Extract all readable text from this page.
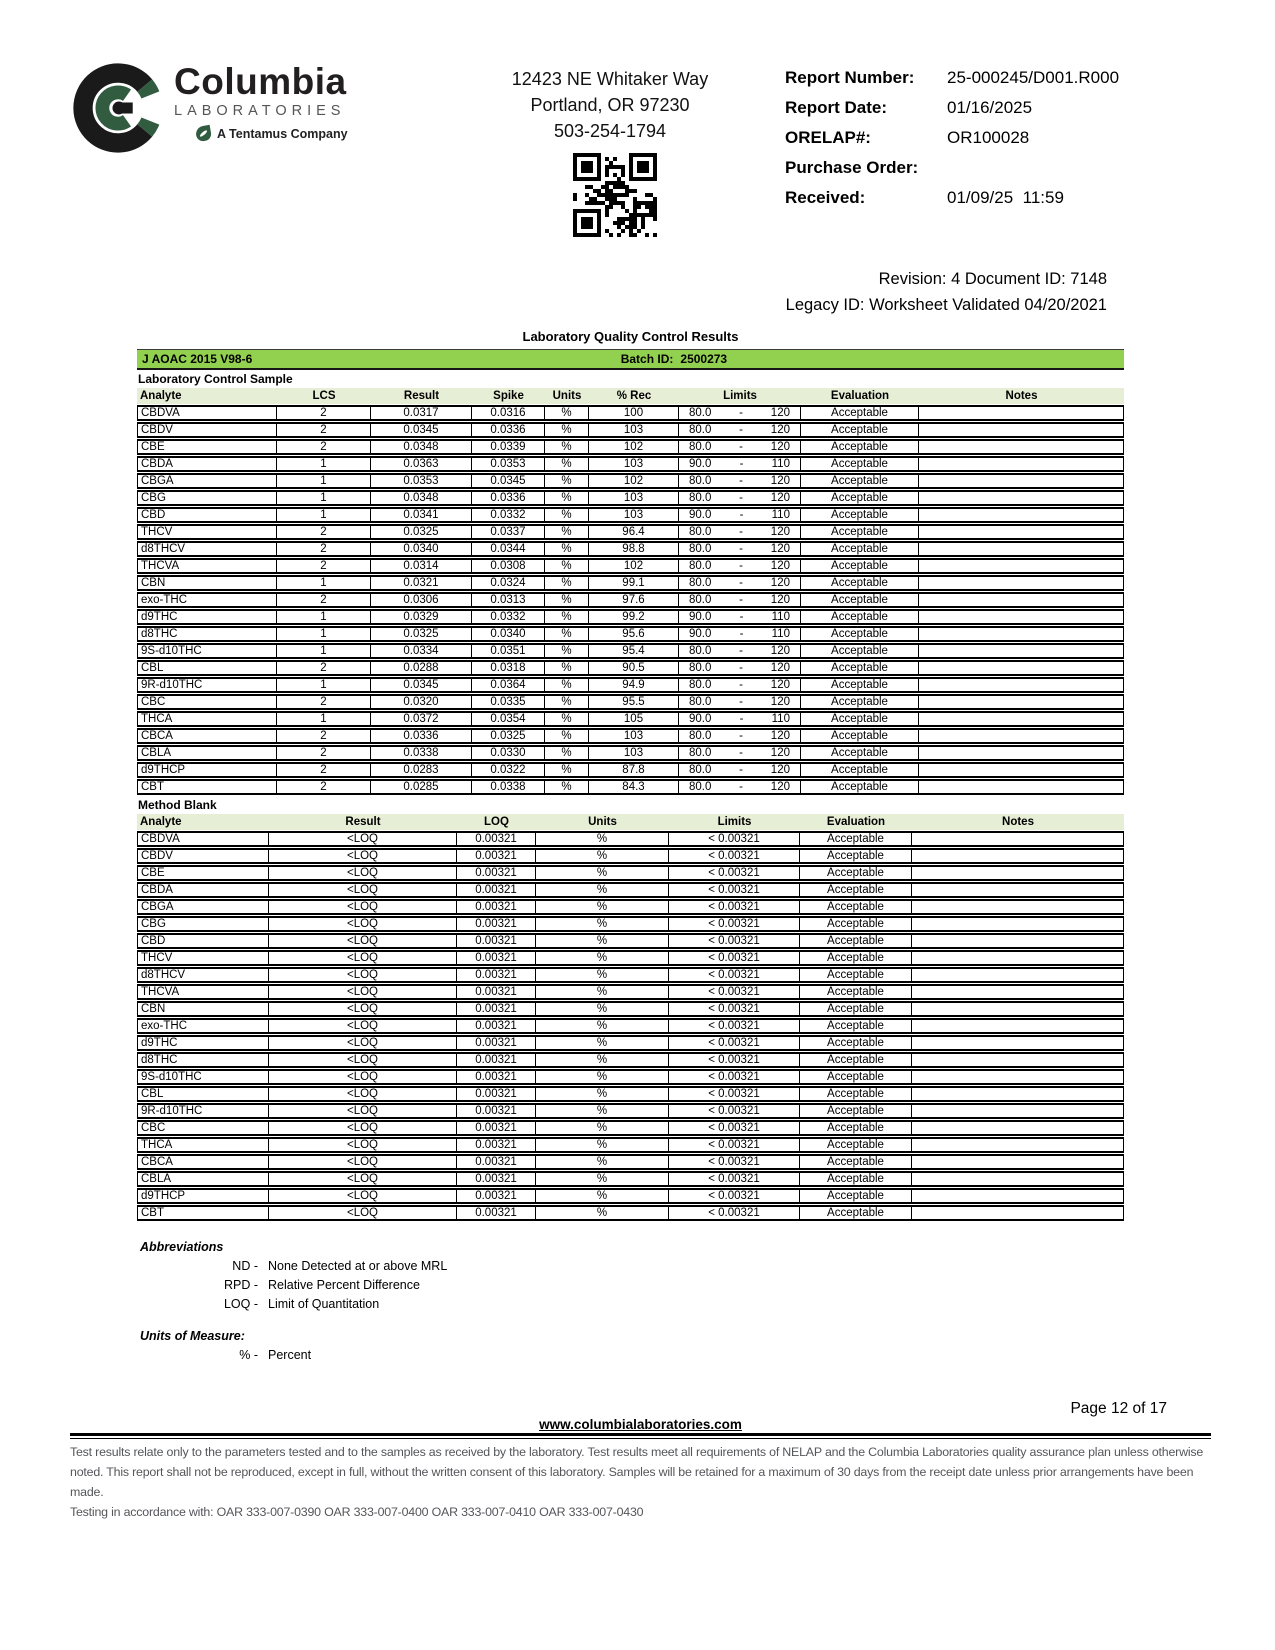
Columbia
LABORATORIES
A Tentamus Company
12423 NE Whitaker Way
Portland, OR 97230
503-254-1794
Report Number:	25-000245/D001.R000
Report Date:	01/16/2025
ORELAP#:	OR100028
Purchase Order:
Received:	01/09/25  11:59
Revision: 4 Document ID: 7148
Legacy ID: Worksheet Validated 04/20/2021
Laboratory Quality Control Results
J AOAC 2015 V98-6	Batch ID: 2500273
Laboratory Control Sample
Analyte	LCS	Result	Spike	Units	% Rec	Limits	Evaluation	Notes
CBDVA	2	0.0317	0.0316	%	100	80.0 - 120	Acceptable	
CBDV	2	0.0345	0.0336	%	103	80.0 - 120	Acceptable	
CBE	2	0.0348	0.0339	%	102	80.0 - 120	Acceptable	
CBDA	1	0.0363	0.0353	%	103	90.0 - 110	Acceptable	
CBGA	1	0.0353	0.0345	%	102	80.0 - 120	Acceptable	
CBG	1	0.0348	0.0336	%	103	80.0 - 120	Acceptable	
CBD	1	0.0341	0.0332	%	103	90.0 - 110	Acceptable	
THCV	2	0.0325	0.0337	%	96.4	80.0 - 120	Acceptable	
d8THCV	2	0.0340	0.0344	%	98.8	80.0 - 120	Acceptable	
THCVA	2	0.0314	0.0308	%	102	80.0 - 120	Acceptable	
CBN	1	0.0321	0.0324	%	99.1	80.0 - 120	Acceptable	
exo-THC	2	0.0306	0.0313	%	97.6	80.0 - 120	Acceptable	
d9THC	1	0.0329	0.0332	%	99.2	90.0 - 110	Acceptable	
d8THC	1	0.0325	0.0340	%	95.6	90.0 - 110	Acceptable	
9S-d10THC	1	0.0334	0.0351	%	95.4	80.0 - 120	Acceptable	
CBL	2	0.0288	0.0318	%	90.5	80.0 - 120	Acceptable	
9R-d10THC	1	0.0345	0.0364	%	94.9	80.0 - 120	Acceptable	
CBC	2	0.0320	0.0335	%	95.5	80.0 - 120	Acceptable	
THCA	1	0.0372	0.0354	%	105	90.0 - 110	Acceptable	
CBCA	2	0.0336	0.0325	%	103	80.0 - 120	Acceptable	
CBLA	2	0.0338	0.0330	%	103	80.0 - 120	Acceptable	
d9THCP	2	0.0283	0.0322	%	87.8	80.0 - 120	Acceptable	
CBT	2	0.0285	0.0338	%	84.3	80.0 - 120	Acceptable	
Method Blank
Analyte	Result	LOQ	Units	Limits	Evaluation	Notes
CBDVA	<LOQ	0.00321	%	< 0.00321	Acceptable	
CBDV	<LOQ	0.00321	%	< 0.00321	Acceptable	
CBE	<LOQ	0.00321	%	< 0.00321	Acceptable	
CBDA	<LOQ	0.00321	%	< 0.00321	Acceptable	
CBGA	<LOQ	0.00321	%	< 0.00321	Acceptable	
CBG	<LOQ	0.00321	%	< 0.00321	Acceptable	
CBD	<LOQ	0.00321	%	< 0.00321	Acceptable	
THCV	<LOQ	0.00321	%	< 0.00321	Acceptable	
d8THCV	<LOQ	0.00321	%	< 0.00321	Acceptable	
THCVA	<LOQ	0.00321	%	< 0.00321	Acceptable	
CBN	<LOQ	0.00321	%	< 0.00321	Acceptable	
exo-THC	<LOQ	0.00321	%	< 0.00321	Acceptable	
d9THC	<LOQ	0.00321	%	< 0.00321	Acceptable	
d8THC	<LOQ	0.00321	%	< 0.00321	Acceptable	
9S-d10THC	<LOQ	0.00321	%	< 0.00321	Acceptable	
CBL	<LOQ	0.00321	%	< 0.00321	Acceptable	
9R-d10THC	<LOQ	0.00321	%	< 0.00321	Acceptable	
CBC	<LOQ	0.00321	%	< 0.00321	Acceptable	
THCA	<LOQ	0.00321	%	< 0.00321	Acceptable	
CBCA	<LOQ	0.00321	%	< 0.00321	Acceptable	
CBLA	<LOQ	0.00321	%	< 0.00321	Acceptable	
d9THCP	<LOQ	0.00321	%	< 0.00321	Acceptable	
CBT	<LOQ	0.00321	%	< 0.00321	Acceptable	
Abbreviations
ND - None Detected at or above MRL
RPD - Relative Percent Difference
LOQ - Limit of Quantitation
Units of Measure:
% - Percent
Page 12 of 17
www.columbialaboratories.com
Test results relate only to the parameters tested and to the samples as received by the laboratory. Test results meet all requirements of NELAP and the Columbia Laboratories quality assurance plan unless otherwise noted. This report shall not be reproduced, except in full, without the written consent of this laboratory. Samples will be retained for a maximum of 30 days from the receipt date unless prior arrangements have been made.
Testing in accordance with: OAR 333-007-0390 OAR 333-007-0400 OAR 333-007-0410 OAR 333-007-0430
